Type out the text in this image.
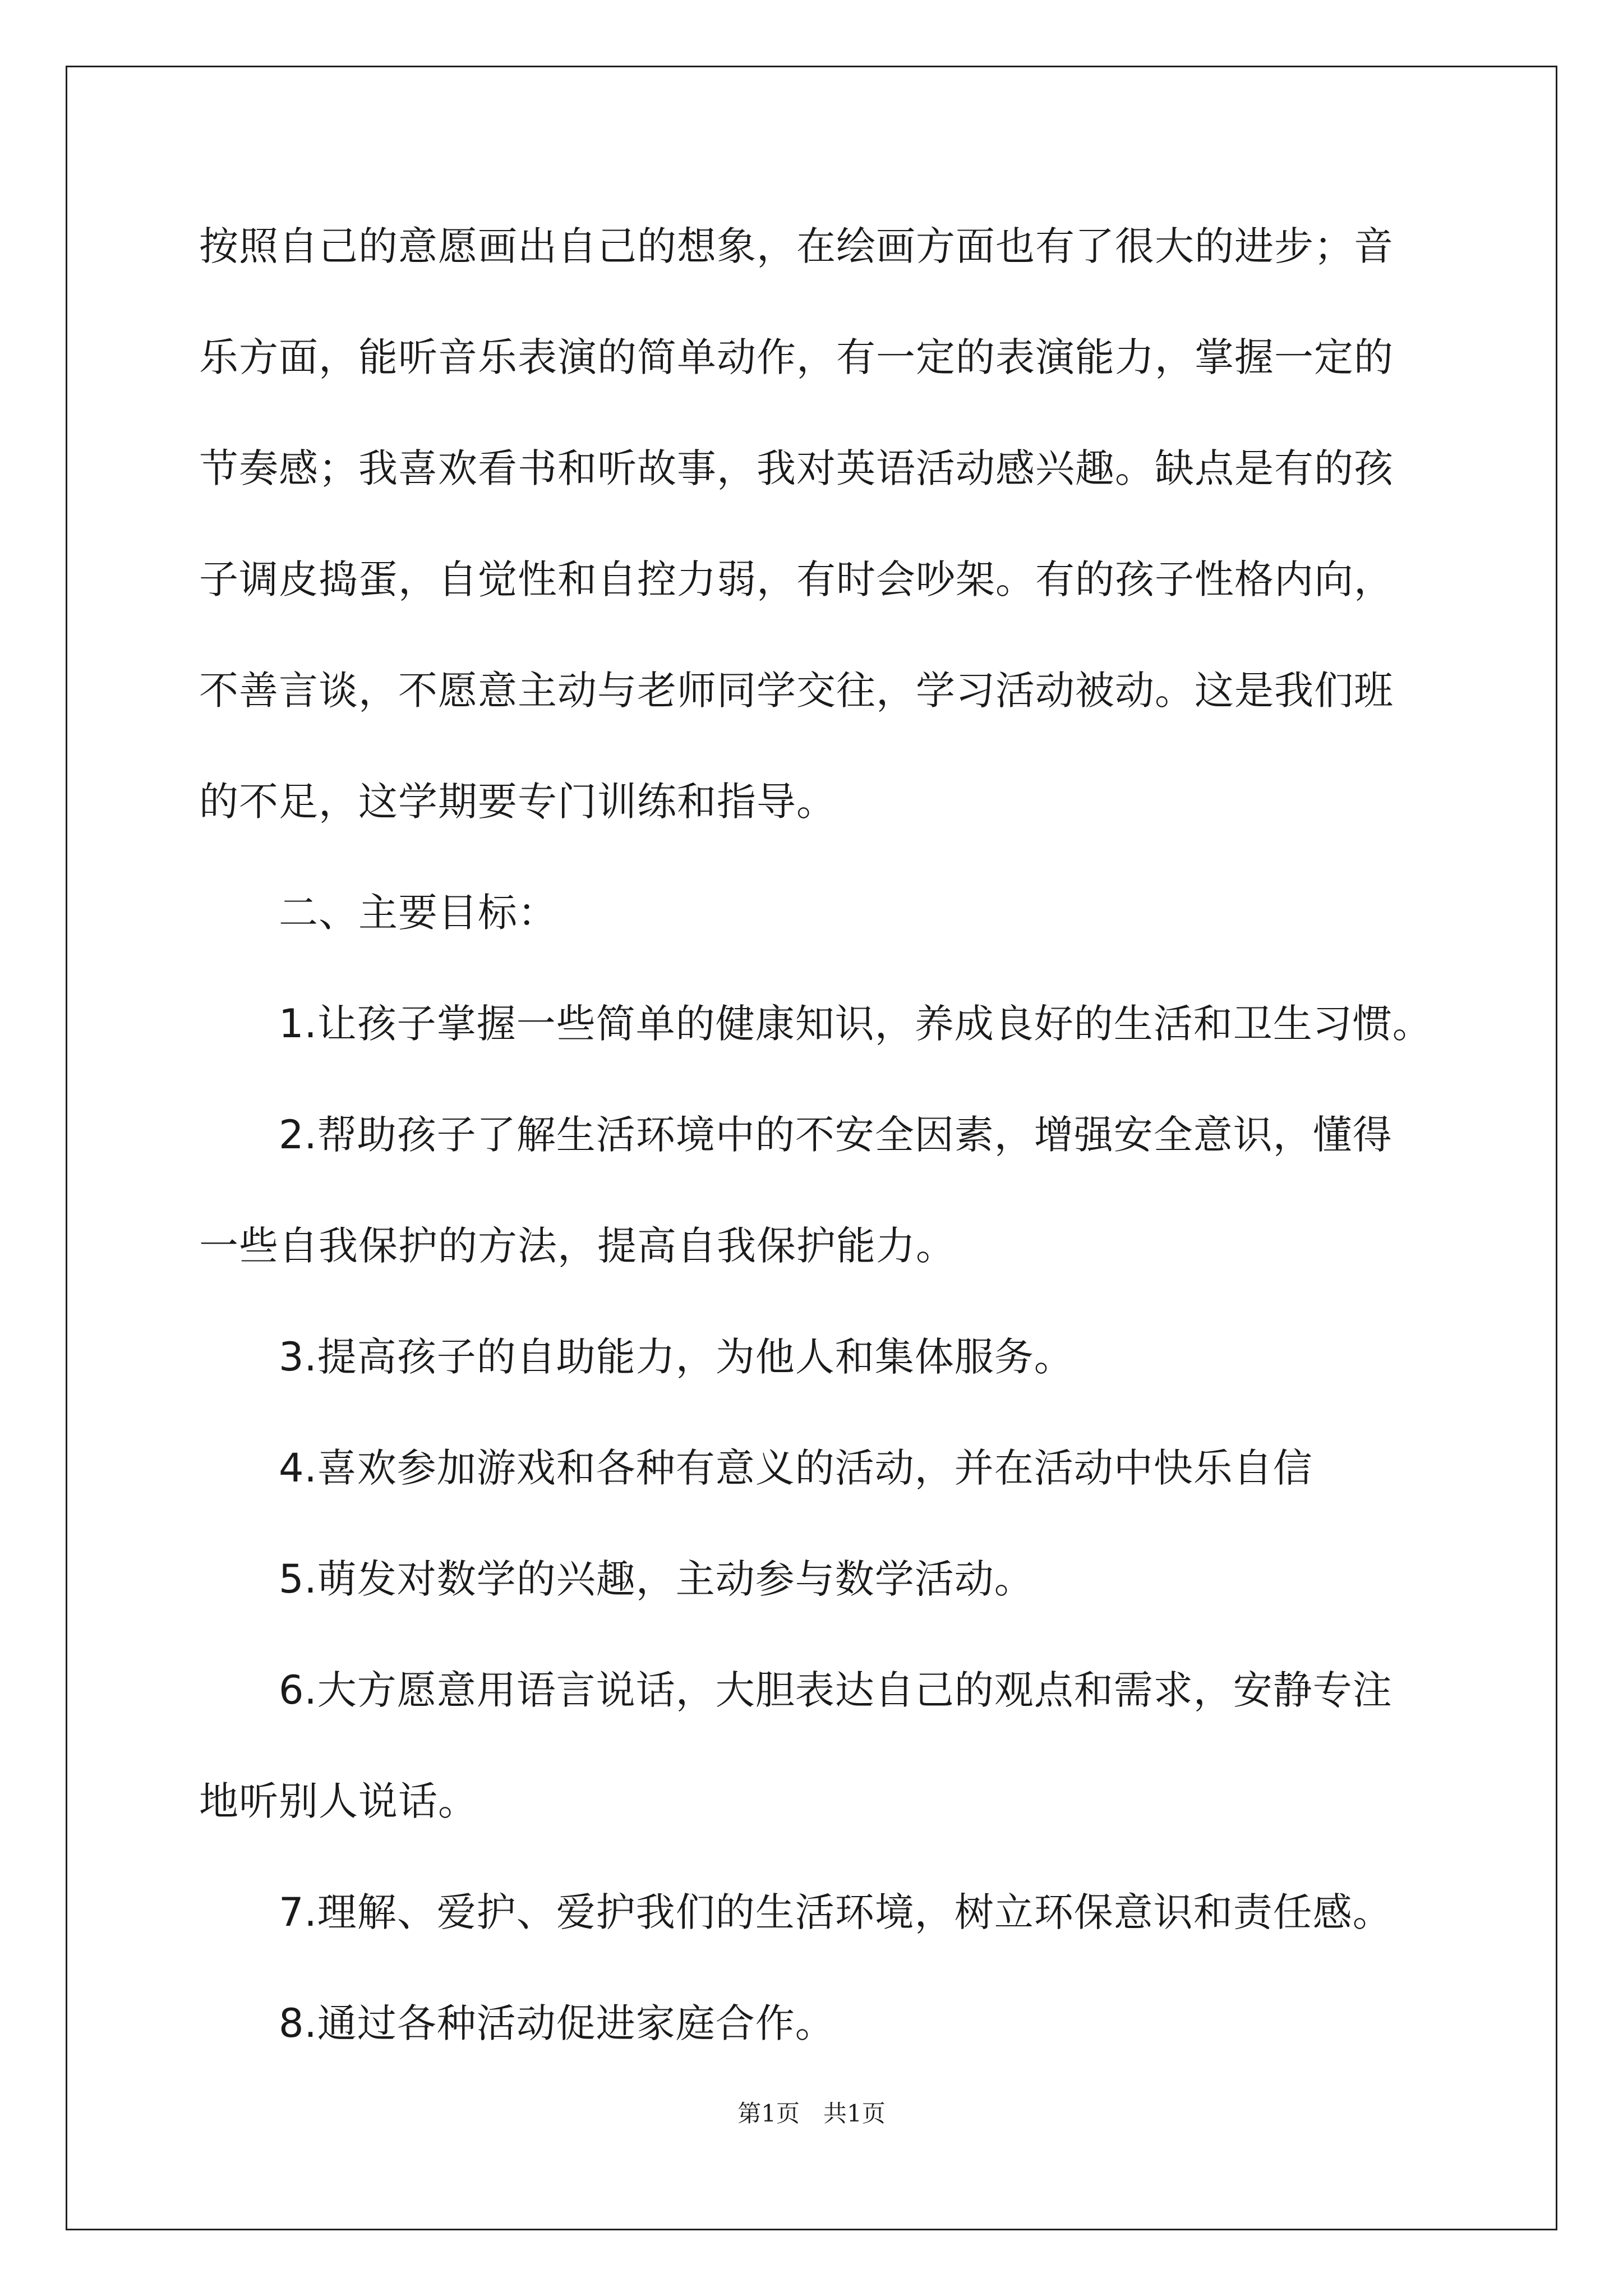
按照自己的意愿画出自己的想象，在绘画方面也有了很大的进步；音
乐方面，能听音乐表演的简单动作，有一定的表演能力，掌握一定的
节奏感；我喜欢看书和听故事，我对英语活动感兴趣。缺点是有的孩
子调皮捣蛋，自觉性和自控力弱，有时会吵架。有的孩子性格内向，
不善言谈，不愿意主动与老师同学交往，学习活动被动。这是我们班
的不足，这学期要专门训练和指导。
　　二、主要目标：
　　1.让孩子掌握一些简单的健康知识，养成良好的生活和卫生习惯。
　　2.帮助孩子了解生活环境中的不安全因素，增强安全意识，懂得
一些自我保护的方法，提高自我保护能力。
　　3.提高孩子的自助能力，为他人和集体服务。
　　4.喜欢参加游戏和各种有意义的活动，并在活动中快乐自信
　　5.萌发对数学的兴趣，主动参与数学活动。
　　6.大方愿意用语言说话，大胆表达自己的观点和需求，安静专注
地听别人说话。
　　7.理解、爱护、爱护我们的生活环境，树立环保意识和责任感。
　　8.通过各种活动促进家庭合作。
第1页　共1页
